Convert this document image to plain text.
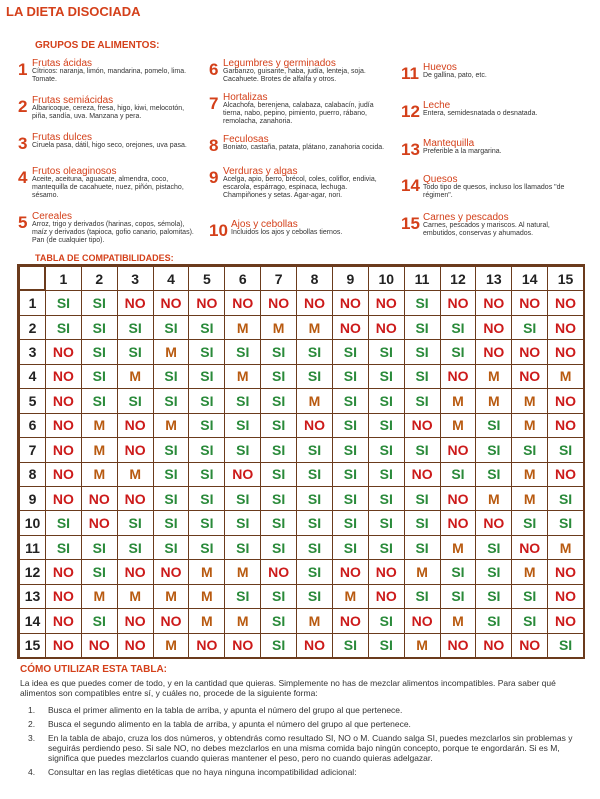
LA DIETA DISOCIADA
GRUPOS DE ALIMENTOS:
1 Frutas ácidas
Cítricos: naranja, limón, mandarina, pomelo, lima. Tomate.
2 Frutas semiácidas
Albaricoque, cereza, fresa, higo, kiwi, melocotón, piña, sandía, uva. Manzana y pera.
3 Frutas dulces
Ciruela pasa, dátil, higo seco, orejones, uva pasa.
4 Frutos oleaginosos
Aceite, aceituna, aguacate, almendra, coco, mantequilla de cacahuete, nuez, piñón, pistacho, sésamo.
5 Cereales
Arroz, trigo y derivados (harinas, copos, sémola), maíz y derivados (tapioca, gofio canario, palomitas). Pan (de cualquier tipo).
6 Legumbres y germinados
Garbanzo, guisante, haba, judía, lenteja, soja. Cacahuete. Brotes de alfalfa y otros.
7 Hortalizas
Alcachofa, berenjena, calabaza, calabacín, judía tierna, nabo, pepino, pimiento, puerro, rábano, remolacha, zanahoria.
8 Feculosas
Boniato, castaña, patata, plátano, zanahoria cocida.
9 Verduras y algas
Acelga, apio, berro, brécol, coles, coliflor, endivia, escarola, espárrago, espinaca, lechuga. Champiñones y setas. Agar-agar, nori.
10 Ajos y cebollas
Incluidos los ajos y cebollas tiernos.
11 Huevos
De gallina, pato, etc.
12 Leche
Entera, semidesnatada o desnatada.
13 Mantequilla
Preferible a la margarina.
14 Quesos
Todo tipo de quesos, incluso los llamados "de régimen".
15 Carnes y pescados
Carnes, pescados y mariscos. Al natural, embutidos, conservas y ahumados.
TABLA DE COMPATIBILIDADES:
1	2	3	4	5	6	7	8	9	10	11	12	13	14	15
1	SI	SI	NO	NO	NO	NO	NO	NO	NO	NO	SI	NO	NO	NO	NO
2	SI	SI	SI	SI	SI	M	M	M	NO	NO	SI	SI	NO	SI	NO
3	NO	SI	SI	M	SI	SI	SI	SI	SI	SI	SI	SI	NO	NO	NO
4	NO	SI	M	SI	SI	M	SI	SI	SI	SI	SI	NO	M	NO	M
5	NO	SI	SI	SI	SI	SI	SI	M	SI	SI	SI	M	M	M	NO
6	NO	M	NO	M	SI	SI	SI	NO	SI	SI	NO	M	SI	M	NO
7	NO	M	NO	SI	SI	SI	SI	SI	SI	SI	SI	NO	SI	SI	SI
8	NO	M	M	SI	SI	NO	SI	SI	SI	SI	NO	SI	SI	M	NO
9	NO	NO	NO	SI	SI	SI	SI	SI	SI	SI	SI	NO	M	M	SI
10	SI	NO	SI	SI	SI	SI	SI	SI	SI	SI	SI	NO	NO	SI	SI
11	SI	SI	SI	SI	SI	SI	SI	SI	SI	SI	SI	M	SI	NO	M
12 NO	SI	NO	NO	M	M	NO	SI	NO	NO	M	SI	SI	M	NO
13 NO	M	M	M	M	SI	SI	SI	M	NO	SI	SI	SI	SI	NO
14 NO	SI	NO	NO	M	M	SI	M	NO	SI	NO	M	SI	SI	NO
15 NO	NO	NO	M	NO	NO	SI	NO	SI	SI	M	NO	NO	NO	SI
CÓMO UTILIZAR ESTA TABLA:
La idea es que puedes comer de todo, y en la cantidad que quieras. Simplemente no has de mezclar alimentos incompatibles. Para saber qué alimentos son compatibles entre sí, y cuáles no, procede de la siguiente forma:
1. Busca el primer alimento en la tabla de arriba, y apunta el número del grupo al que pertenece.
2. Busca el segundo alimento en la tabla de arriba, y apunta el número del grupo al que pertenece.
3. En la tabla de abajo, cruza los dos números, y obtendrás como resultado SI, NO o M. Cuando salga SI, puedes mezclarlos sin problemas y seguirás perdiendo peso. Si sale NO, no debes mezclarlos en una misma comida bajo ningún concepto, porque te engordarán. Si es M, significa que puedes mezclarlos cuando quieras mantener el peso, pero no cuando quieras adelgazar.
4. Consultar en las reglas dietéticas que no haya ninguna incompatibilidad adicional:
